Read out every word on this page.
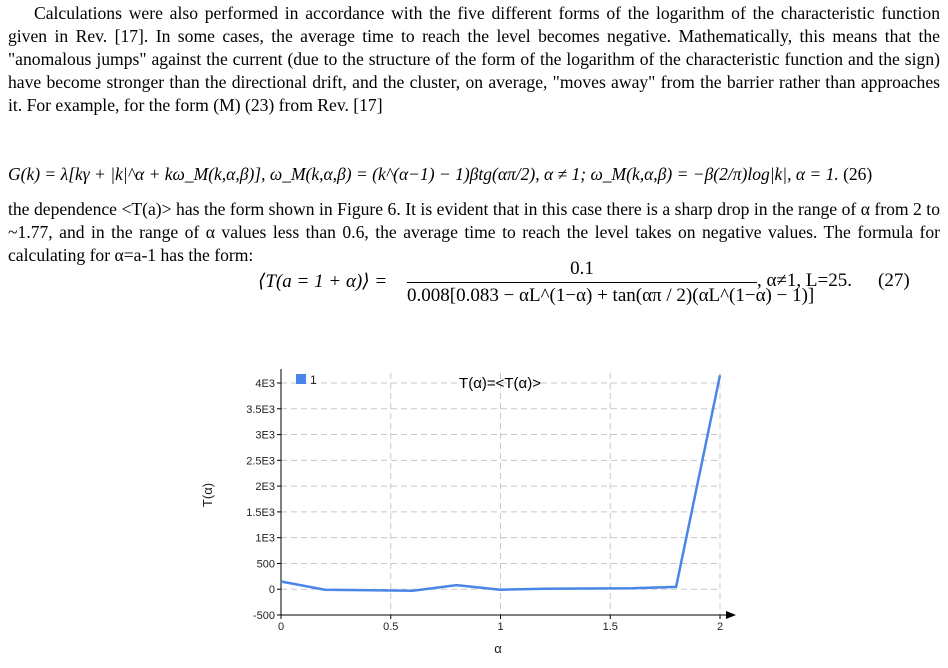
Calculations were also performed in accordance with the five different forms of the logarithm of the characteristic function given in Rev. [17]. In some cases, the average time to reach the level becomes negative. Mathematically, this means that the "anomalous jumps" against the current (due to the structure of the form of the logarithm of the characteristic function and the sign) have become stronger than the directional drift, and the cluster, on average, "moves away" from the barrier rather than approaches it. For example, for the form (M) (23) from Rev. [17]
G(k) = λ[kγ + |k|^α + kω_M(k,α,β)], ω_M(k,α,β) = (k^(α−1) − 1)βtg(απ/2), α ≠ 1; ω_M(k,α,β) = −β(2/π)log|k|, α = 1. (26)
the dependence <T(a)> has the form shown in Figure 6. It is evident that in this case there is a sharp drop in the range of α from 2 to ~1.77, and in the range of α values less than 0.6, the average time to reach the level takes on negative values. The formula for calculating for α=a-1 has the form:
⟨T(a = 1 + α)⟩ =
0.1
0.008[0.083 − αL^(1−α) + tan(απ / 2)(αL^(1−α) − 1)]
, α≠1, L=25. (27)
-500
0
500
1E3
1.5E3
2E3
2.5E3
3E3
3.5E3
4E3
0	0.5	1	1.5	2
1	T(α)=<T(α)>
T(α)
α
